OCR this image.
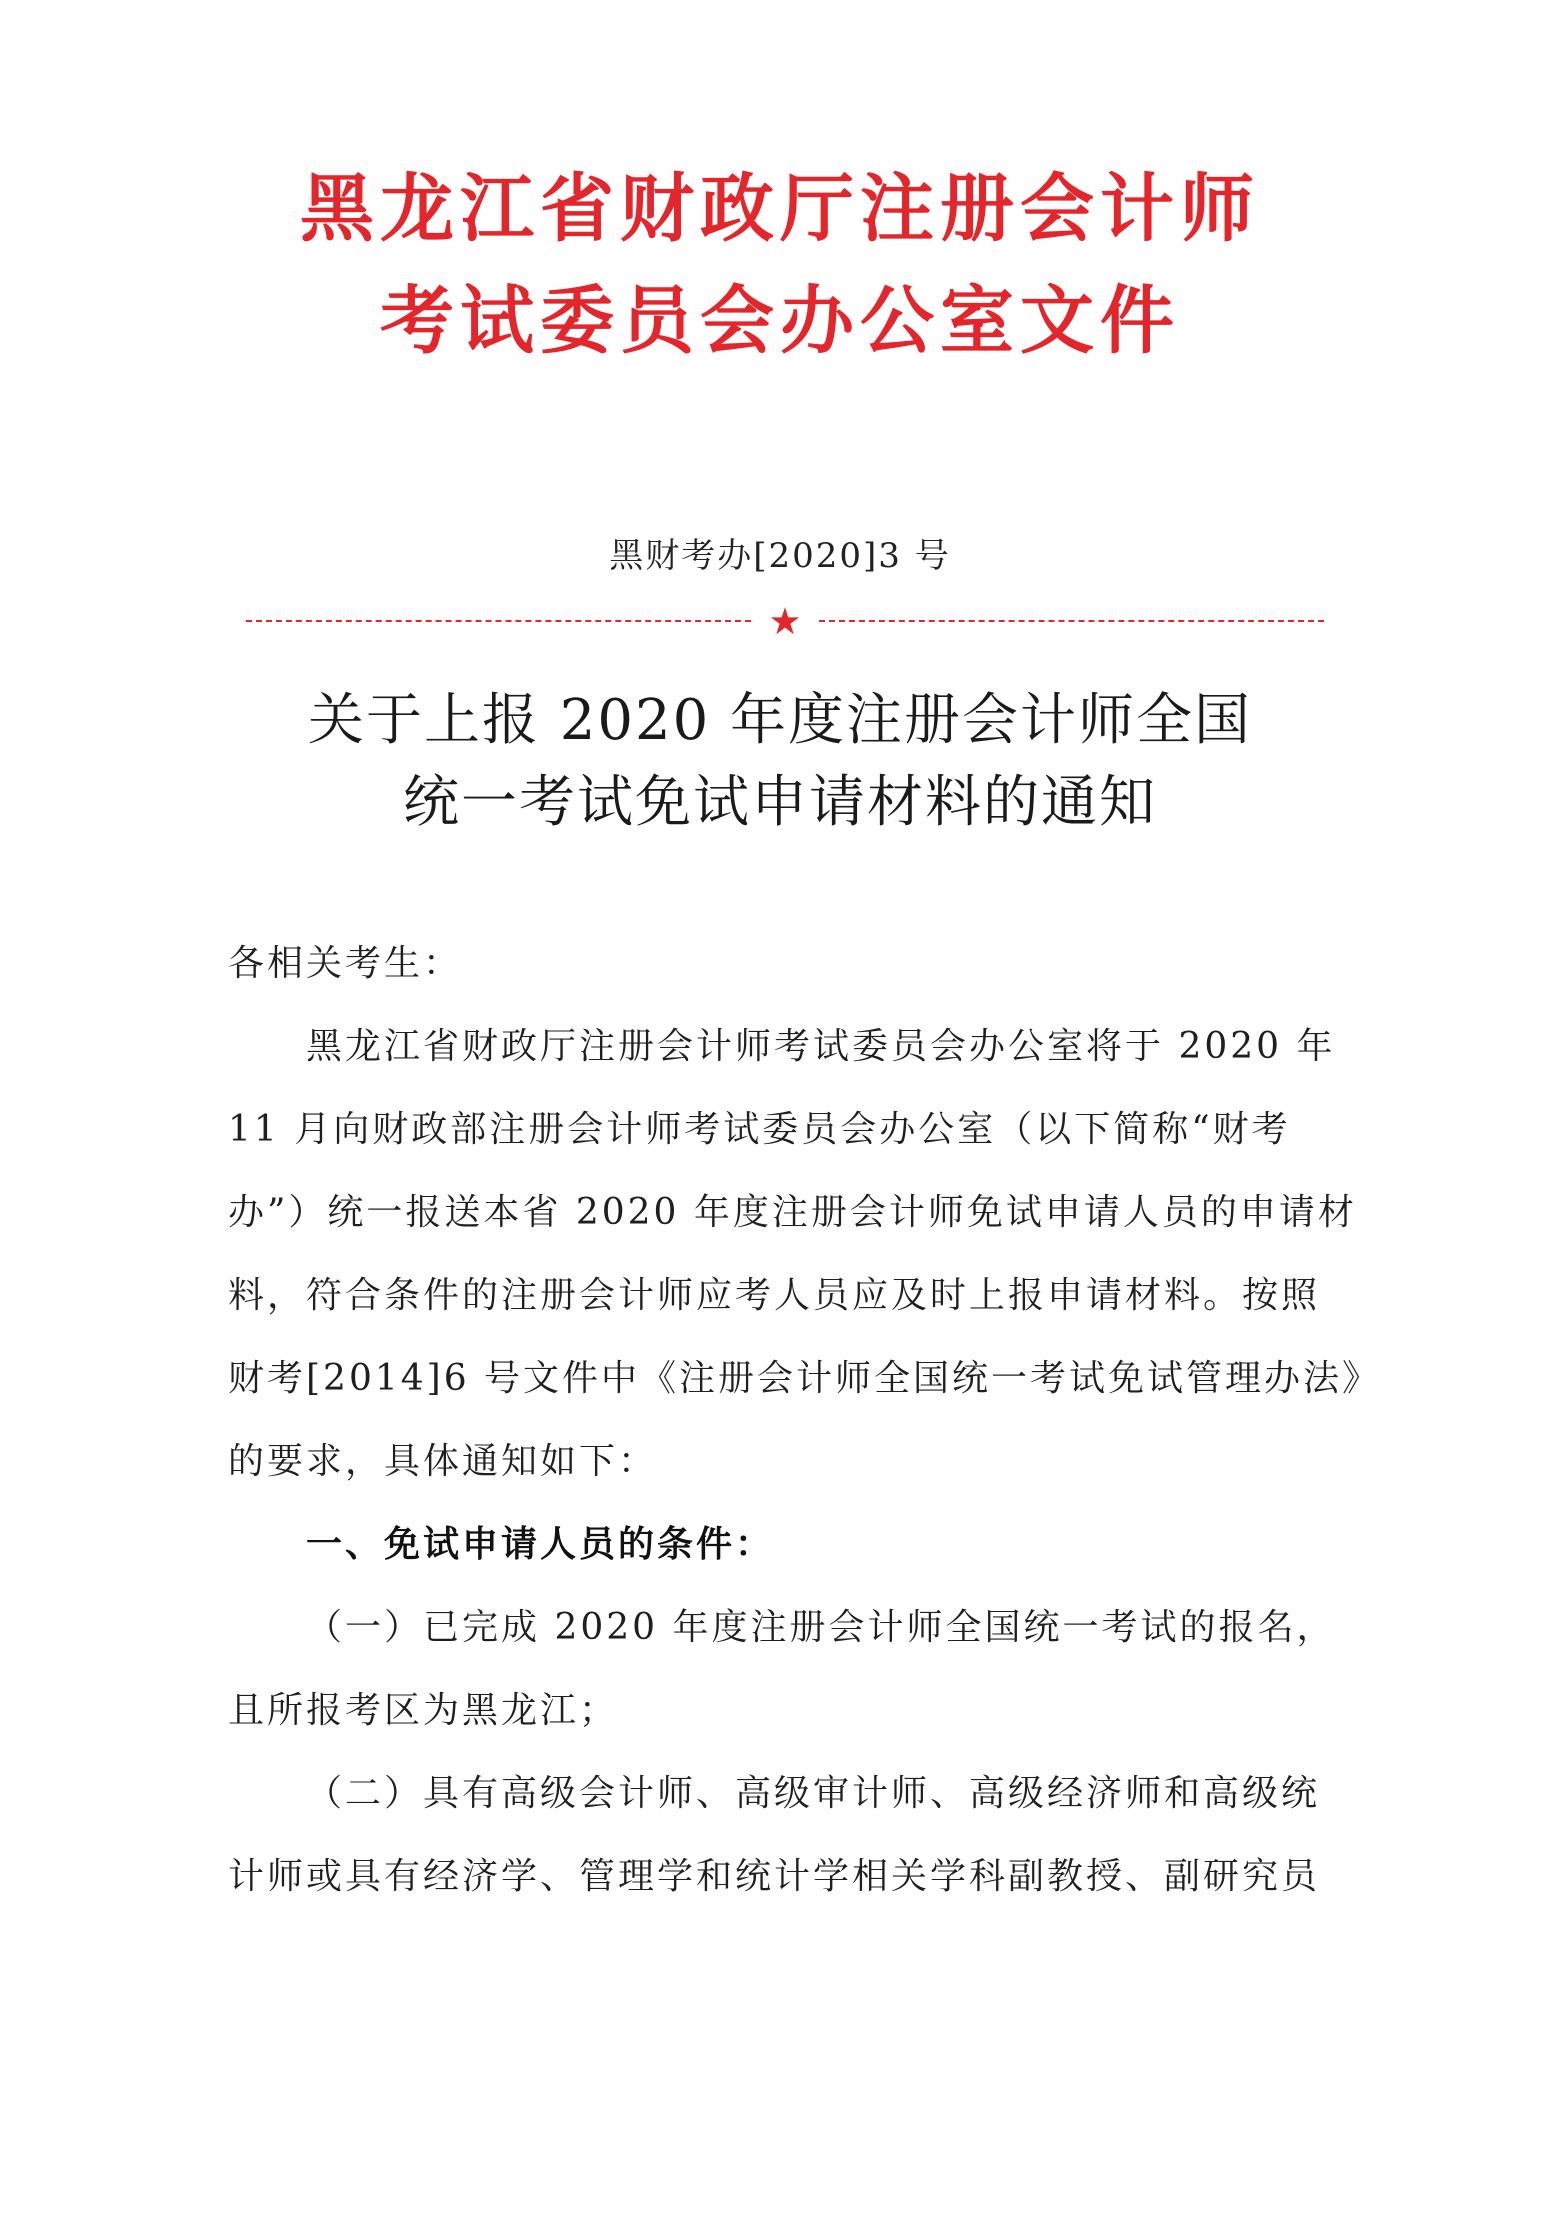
黑龙江省财政厅注册会计师
考试委员会办公室文件
黑财考办[2020]3 号
关于上报 2020 年度注册会计师全国
统一考试免试申请材料的通知
各相关考生：
黑龙江省财政厅注册会计师考试委员会办公室将于 2020 年
11 月向财政部注册会计师考试委员会办公室（以下简称“财考
办”）统一报送本省 2020 年度注册会计师免试申请人员的申请材
料，符合条件的注册会计师应考人员应及时上报申请材料。按照
财考[2014]6 号文件中《注册会计师全国统一考试免试管理办法》
的要求，具体通知如下：
一、免试申请人员的条件：
（一）已完成 2020 年度注册会计师全国统一考试的报名，
且所报考区为黑龙江；
（二）具有高级会计师、高级审计师、高级经济师和高级统
计师或具有经济学、管理学和统计学相关学科副教授、副研究员
